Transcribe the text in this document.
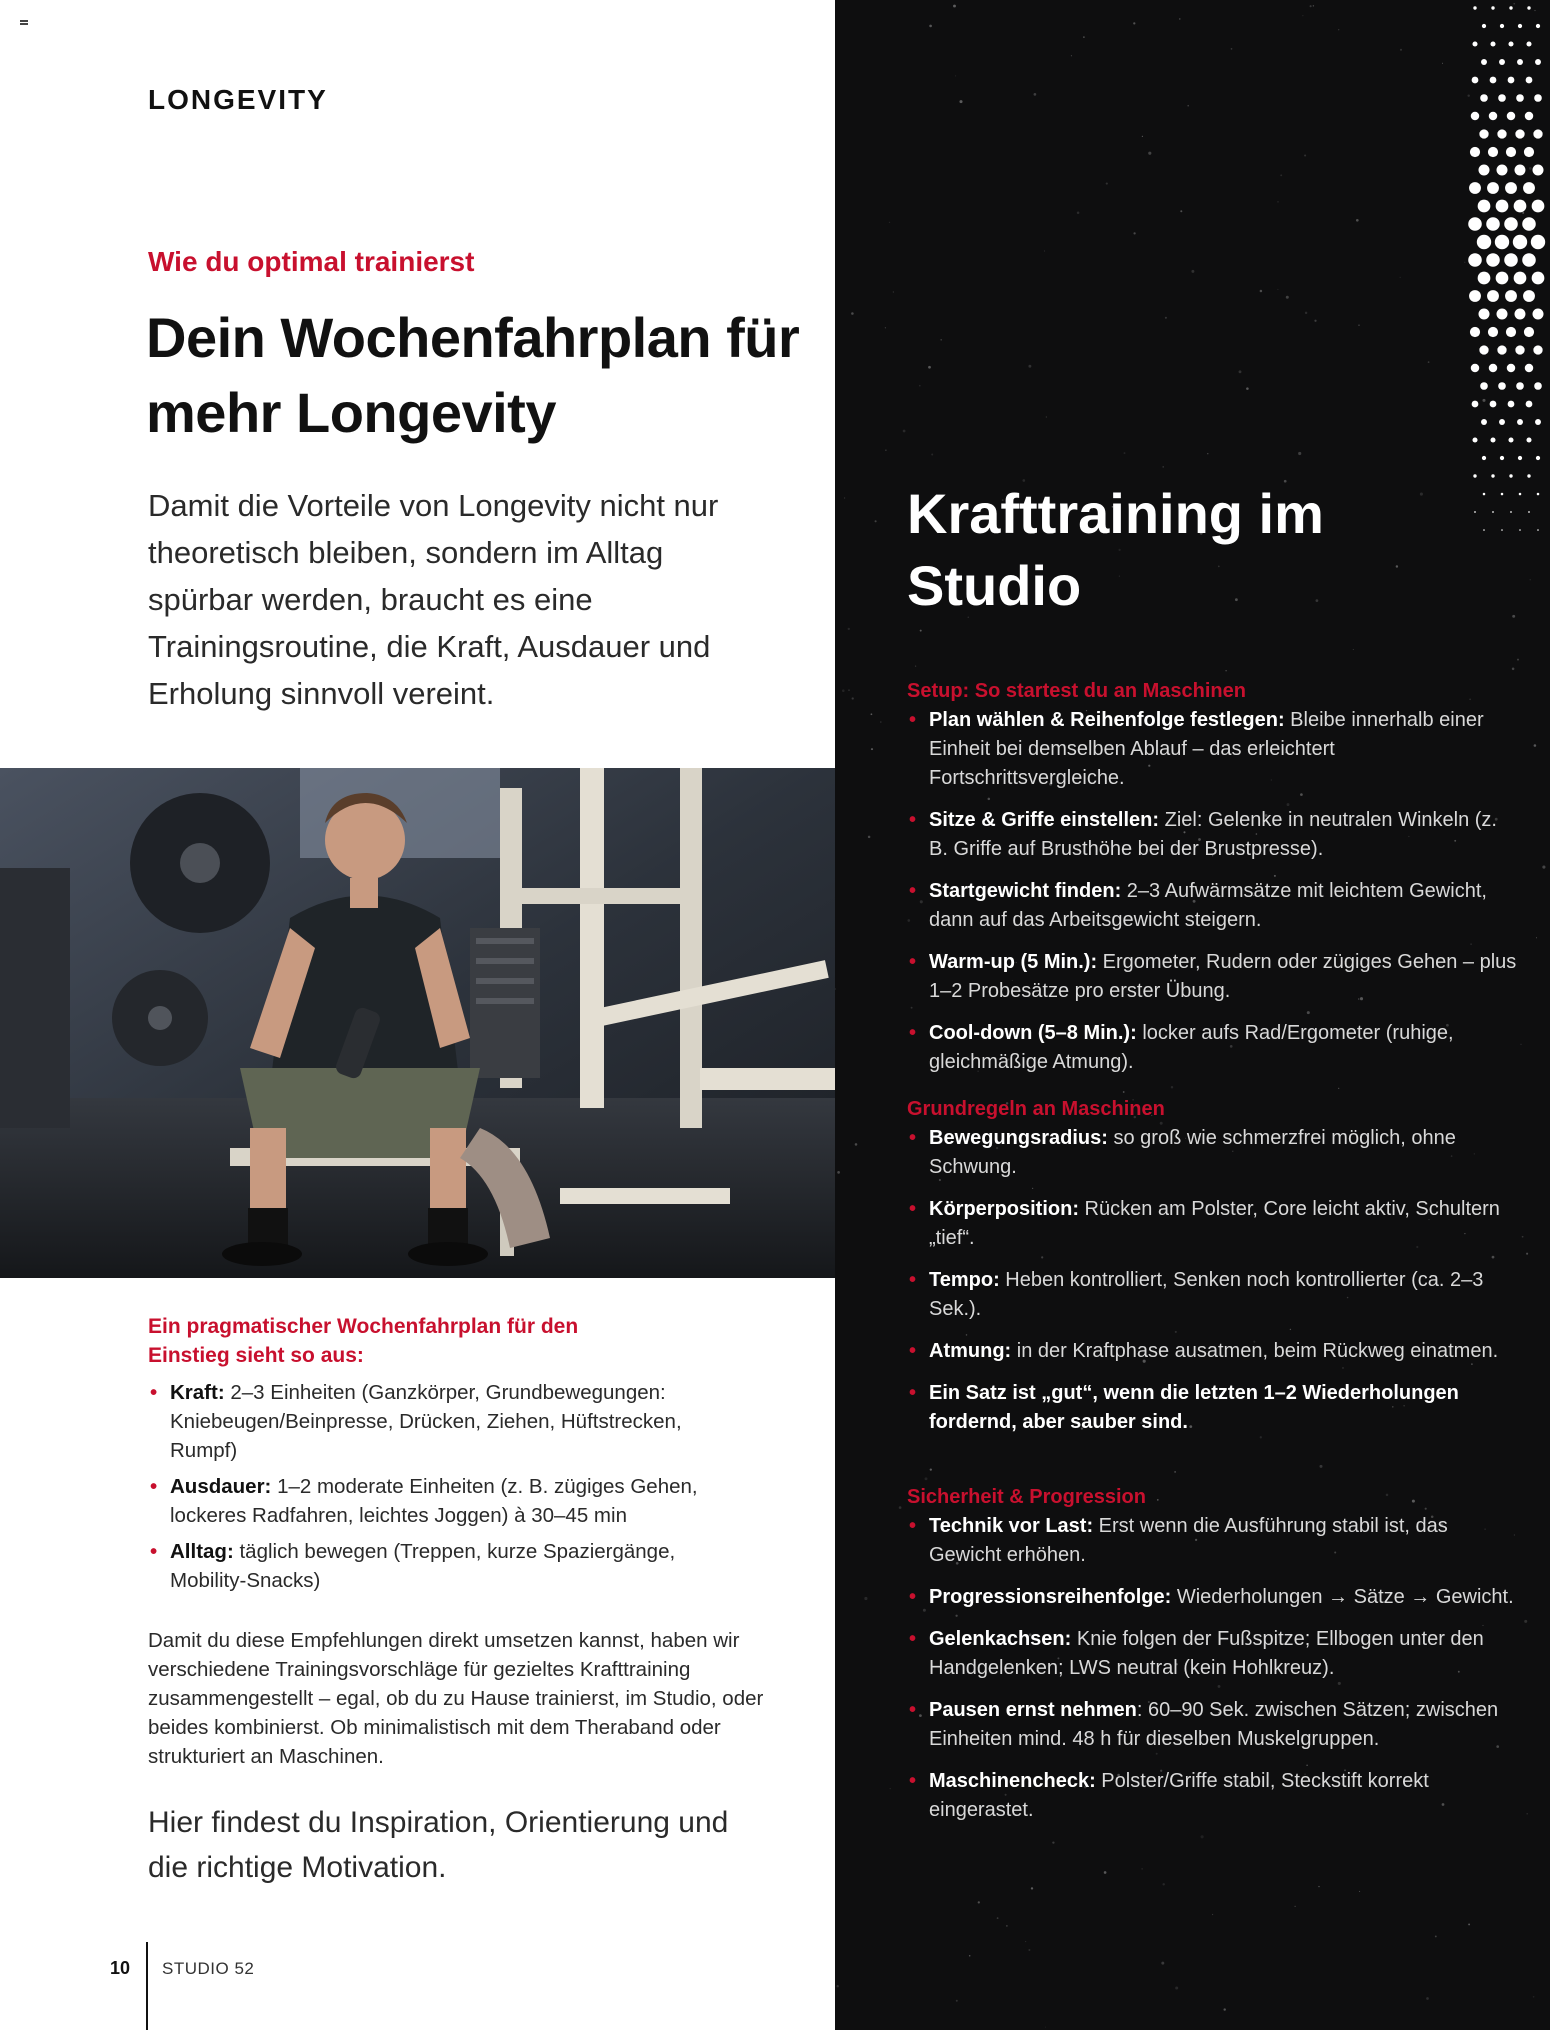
LONGEVITY
Wie du optimal trainierst
Dein Wochenfahrplan für mehr Longevity

Damit die Vorteile von Longevity nicht nur theoretisch bleiben, sondern im Alltag spürbar werden, braucht es eine Trainingsroutine, die Kraft, Ausdauer und Erholung sinnvoll vereint.

Ein pragmatischer Wochenfahrplan für den Einstieg sieht so aus:
• Kraft: 2–3 Einheiten (Ganzkörper, Grundbewegungen: Kniebeugen/Beinpresse, Drücken, Ziehen, Hüftstrecken, Rumpf)
• Ausdauer: 1–2 moderate Einheiten (z. B. zügiges Gehen, lockeres Radfahren, leichtes Joggen) à 30–45 min
• Alltag: täglich bewegen (Treppen, kurze Spaziergänge, Mobility-Snacks)

Damit du diese Empfehlungen direkt umsetzen kannst, haben wir verschiedene Trainingsvorschläge für gezieltes Krafttraining zusammengestellt – egal, ob du zu Hause trainierst, im Studio, oder beides kombinierst. Ob minimalistisch mit dem Theraband oder strukturiert an Maschinen.

Hier findest du Inspiration, Orientierung und die richtige Motivation.

10 STUDIO 52
Krafttraining im Studio
Setup: So startest du an Maschinen
• Plan wählen & Reihenfolge festlegen: Bleibe innerhalb einer Einheit bei demselben Ablauf – das erleichtert Fortschrittsvergleiche.
• Sitze & Griffe einstellen: Ziel: Gelenke in neutralen Winkeln (z. B. Griffe auf Brusthöhe bei der Brustpresse).
• Startgewicht finden: 2–3 Aufwärmsätze mit leichtem Gewicht, dann auf das Arbeitsgewicht steigern.
• Warm-up (5 Min.): Ergometer, Rudern oder zügiges Gehen – plus 1–2 Probesätze pro erster Übung.
• Cool-down (5–8 Min.): locker aufs Rad/Ergometer (ruhige, gleichmäßige Atmung).
Grundregeln an Maschinen
• Bewegungsradius: so groß wie schmerzfrei möglich, ohne Schwung.
• Körperposition: Rücken am Polster, Core leicht aktiv, Schultern „tief“.
• Tempo: Heben kontrolliert, Senken noch kontrollierter (ca. 2–3 Sek.).
• Atmung: in der Kraftphase ausatmen, beim Rückweg einatmen.
• Ein Satz ist „gut“, wenn die letzten 1–2 Wiederholungen fordernd, aber sauber sind.
Sicherheit & Progression
• Technik vor Last: Erst wenn die Ausführung stabil ist, das Gewicht erhöhen.
• Progressionsreihenfolge: Wiederholungen → Sätze → Gewicht.
• Gelenkachsen: Knie folgen der Fußspitze; Ellbogen unter den Handgelenken; LWS neutral (kein Hohlkreuz).
• Pausen ernst nehmen: 60–90 Sek. zwischen Sätzen; zwischen Einheiten mind. 48 h für dieselben Muskelgruppen.
• Maschinencheck: Polster/Griffe stabil, Steckstift korrekt eingerastet.
